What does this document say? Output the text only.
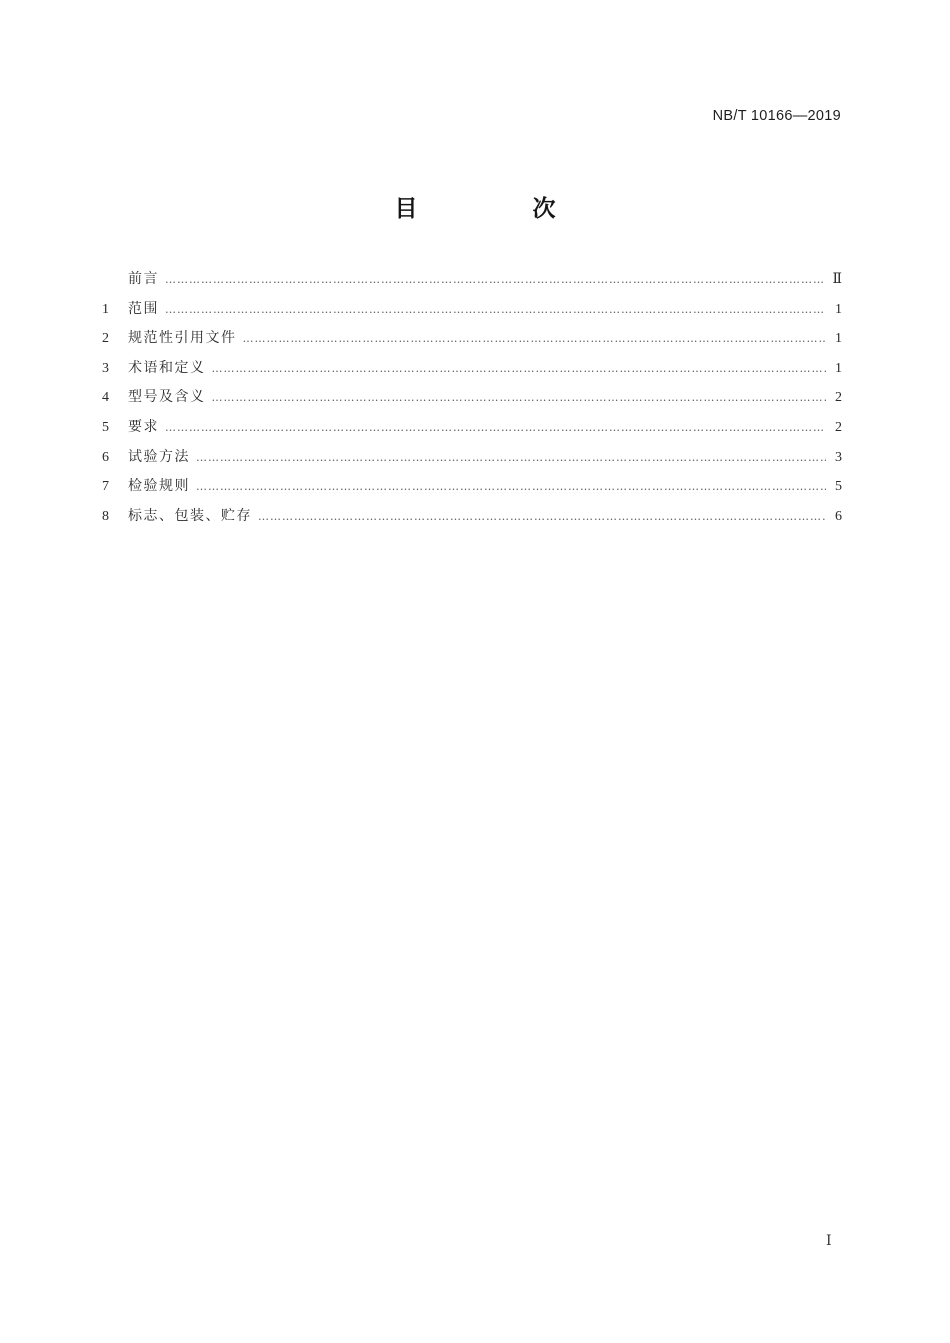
NB/T 10166—2019
目　次
前言 ………………………………………………………………………………………………………………………………………………………………………………………………	Ⅱ
1	范围 ………………………………………………………………………………………………………………………………………………………………………………………………	1
2	规范性引用文件 ………………………………………………………………………………………………………………………………………………………………………………………………	1
3	术语和定义 ………………………………………………………………………………………………………………………………………………………………………………………………	1
4	型号及含义 ………………………………………………………………………………………………………………………………………………………………………………………………	2
5	要求 ………………………………………………………………………………………………………………………………………………………………………………………………	2
6	试验方法 ………………………………………………………………………………………………………………………………………………………………………………………………	3
7	检验规则 ………………………………………………………………………………………………………………………………………………………………………………………………	5
8	标志、包装、贮存 ………………………………………………………………………………………………………………………………………………………………………………………………	6
Ⅰ
